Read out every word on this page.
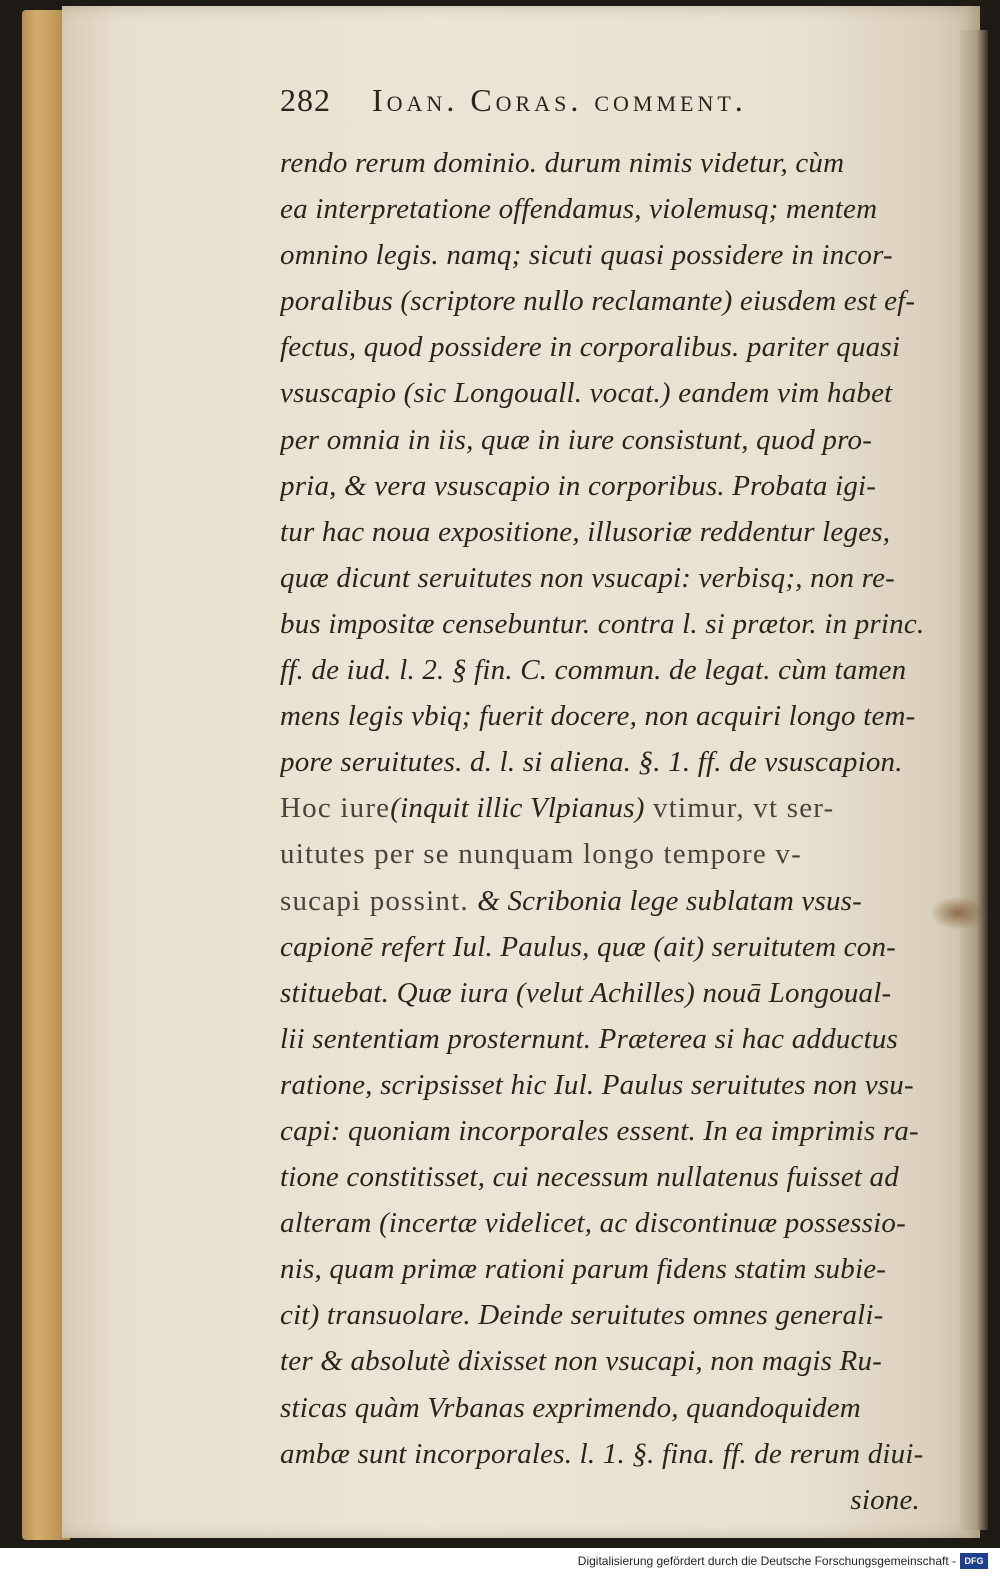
282 Ioan. Coras. comment.
rendo rerum dominio. durum nimis videtur, cùm
ea interpretatione offendamus, violemusq; mentem
omnino legis. namq; sicuti quasi possidere in incor-
poralibus (scriptore nullo reclamante) eiusdem est ef-
fectus, quod possidere in corporalibus. pariter quasi
vsuscapio (sic Longouall. vocat.) eandem vim habet
per omnia in iis, quæ in iure consistunt, quod pro-
pria, & vera vsuscapio in corporibus. Probata igi-
tur hac noua expositione, illusoriæ reddentur leges,
quæ dicunt seruitutes non vsucapi: verbisq;, non re-
bus impositæ censebuntur. contra l. si prætor. in princ.
ff. de iud. l. 2. § fin. C. commun. de legat. cùm tamen
mens legis vbiq; fuerit docere, non acquiri longo tem-
pore seruitutes. d. l. si aliena. §. 1. ff. de vsuscapion.
Hoc iure(inquit illic Vlpianus) vtimur, vt ser-
uitutes per se nunquam longo tempore v-
sucapi possint. & Scribonia lege sublatam vsus-
capionē refert Iul. Paulus, quæ (ait) seruitutem con-
stituebat. Quæ iura (velut Achilles) nouā Longoual-
lii sententiam prosternunt. Præterea si hac adductus
ratione, scripsisset hic Iul. Paulus seruitutes non vsu-
capi: quoniam incorporales essent. In ea imprimis ra-
tione constitisset, cui necessum nullatenus fuisset ad
alteram (incertæ videlicet, ac discontinuæ possessio-
nis, quam primæ rationi parum fidens statim subie-
cit) transuolare. Deinde seruitutes omnes generali-
ter & absolutè dixisset non vsucapi, non magis Ru-
sticas quàm Vrbanas exprimendo, quandoquidem
ambæ sunt incorporales. l. 1. §. fina. ff. de rerum diui-
sione.
Digitalisierung gefördert durch die Deutsche Forschungsgemeinschaft - DFG
